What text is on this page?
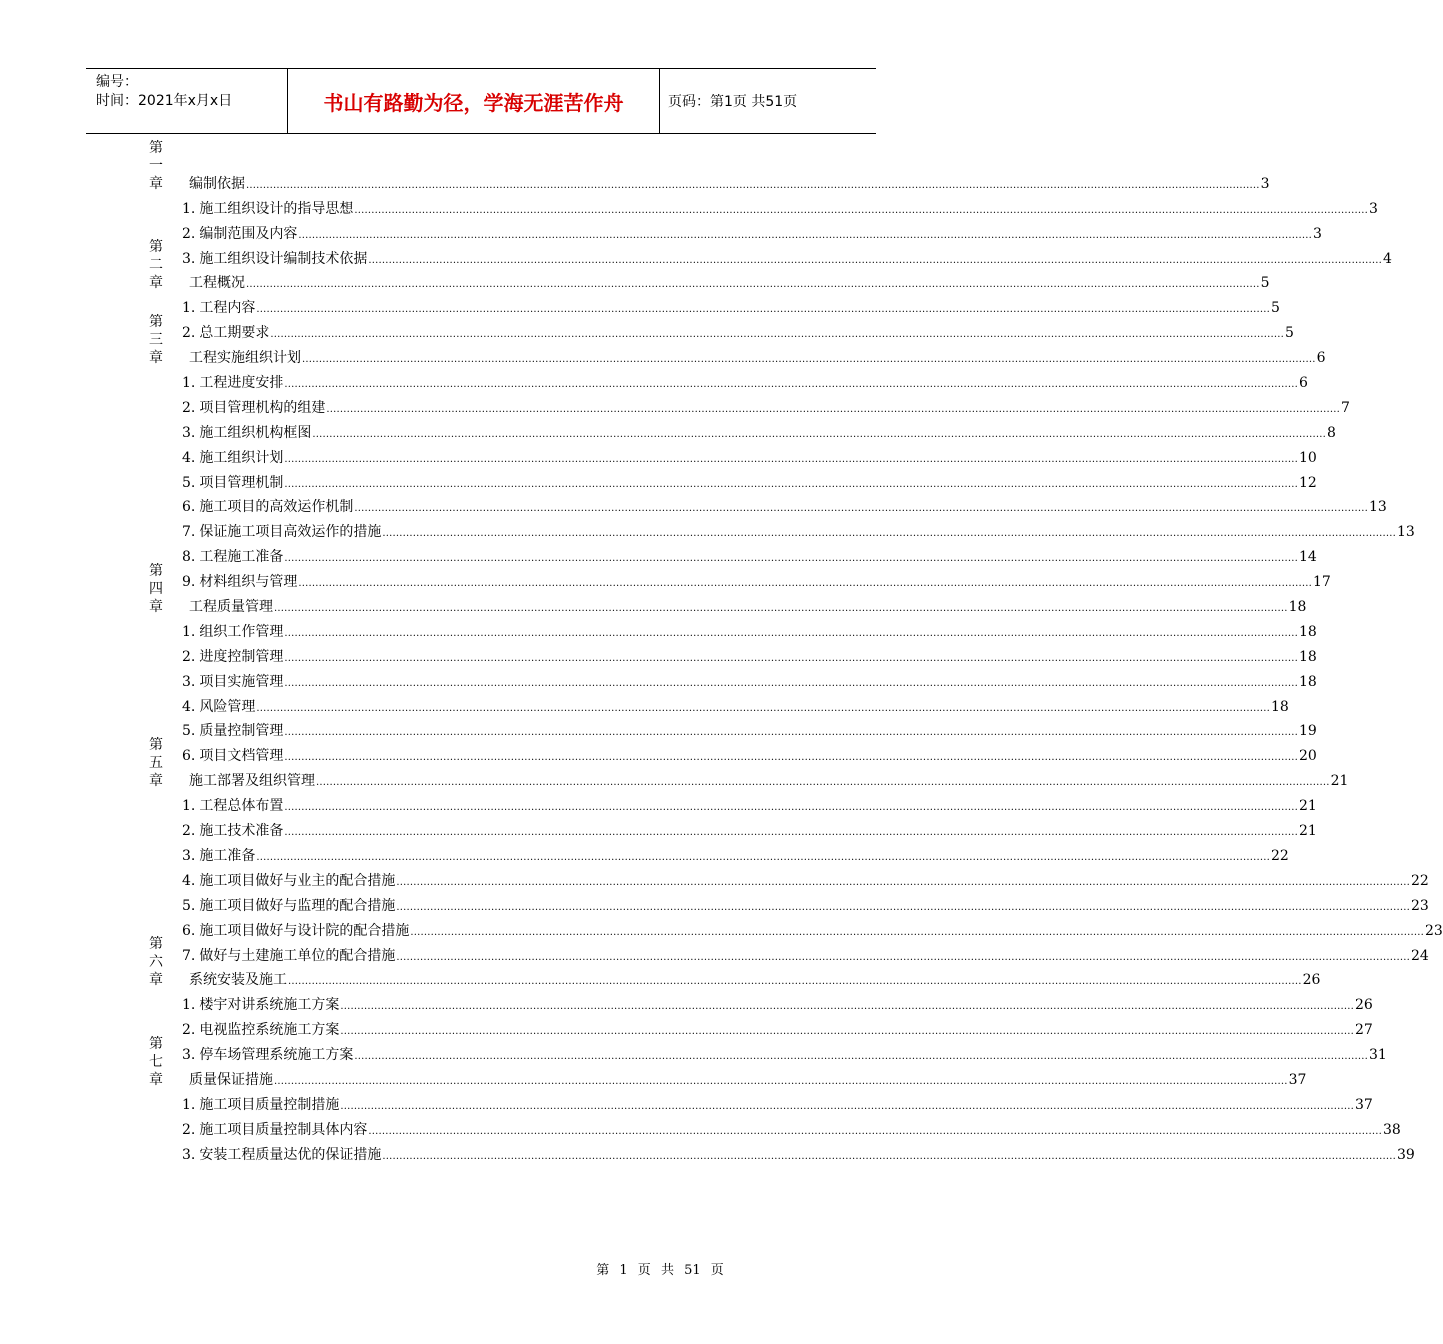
编号：
时间：2021年x月x日	书山有路勤为径，学海无涯苦作舟	页码：第1页 共51页
第一章 编制依据 ............................................................................................................................................................................................................................................................................................................ 3
1. 施工组织设计的指导思想 ............................................................................................................................................................................................................................................................................................................ 3
2. 编制范围及内容 ............................................................................................................................................................................................................................................................................................................ 3
3. 施工组织设计编制技术依据 ............................................................................................................................................................................................................................................................................................................ 4
第二章 工程概况 ............................................................................................................................................................................................................................................................................................................ 5
1. 工程内容 ............................................................................................................................................................................................................................................................................................................ 5
2. 总工期要求 ............................................................................................................................................................................................................................................................................................................ 5
第三章 工程实施组织计划 ............................................................................................................................................................................................................................................................................................................ 6
1. 工程进度安排 ............................................................................................................................................................................................................................................................................................................ 6
2. 项目管理机构的组建 ............................................................................................................................................................................................................................................................................................................ 7
3. 施工组织机构框图 ............................................................................................................................................................................................................................................................................................................ 8
4. 施工组织计划 ............................................................................................................................................................................................................................................................................................................ 10
5. 项目管理机制 ............................................................................................................................................................................................................................................................................................................ 12
6. 施工项目的高效运作机制 ............................................................................................................................................................................................................................................................................................................ 13
7. 保证施工项目高效运作的措施 ............................................................................................................................................................................................................................................................................................................ 13
8. 工程施工准备 ............................................................................................................................................................................................................................................................................................................ 14
9. 材料组织与管理 ............................................................................................................................................................................................................................................................................................................ 17
第四章 工程质量管理 ............................................................................................................................................................................................................................................................................................................ 18
1. 组织工作管理 ............................................................................................................................................................................................................................................................................................................ 18
2. 进度控制管理 ............................................................................................................................................................................................................................................................................................................ 18
3. 项目实施管理 ............................................................................................................................................................................................................................................................................................................ 18
4. 风险管理 ............................................................................................................................................................................................................................................................................................................ 18
5. 质量控制管理 ............................................................................................................................................................................................................................................................................................................ 19
6. 项目文档管理 ............................................................................................................................................................................................................................................................................................................ 20
第五章 施工部署及组织管理 ............................................................................................................................................................................................................................................................................................................ 21
1. 工程总体布置 ............................................................................................................................................................................................................................................................................................................ 21
2. 施工技术准备 ............................................................................................................................................................................................................................................................................................................ 21
3. 施工准备 ............................................................................................................................................................................................................................................................................................................ 22
4. 施工项目做好与业主的配合措施 ............................................................................................................................................................................................................................................................................................................ 22
5. 施工项目做好与监理的配合措施 ............................................................................................................................................................................................................................................................................................................ 23
6. 施工项目做好与设计院的配合措施 ............................................................................................................................................................................................................................................................................................................ 23
7. 做好与土建施工单位的配合措施 ............................................................................................................................................................................................................................................................................................................ 24
第六章 系统安装及施工 ............................................................................................................................................................................................................................................................................................................ 26
1. 楼宇对讲系统施工方案 ............................................................................................................................................................................................................................................................................................................ 26
2. 电视监控系统施工方案 ............................................................................................................................................................................................................................................................................................................ 27
3. 停车场管理系统施工方案 ............................................................................................................................................................................................................................................................................................................ 31
第七章 质量保证措施 ............................................................................................................................................................................................................................................................................................................ 37
1. 施工项目质量控制措施 ............................................................................................................................................................................................................................................................................................................ 37
2. 施工项目质量控制具体内容 ............................................................................................................................................................................................................................................................................................................ 38
3. 安装工程质量达优的保证措施 ............................................................................................................................................................................................................................................................................................................ 39
第 1 页 共 51 页
